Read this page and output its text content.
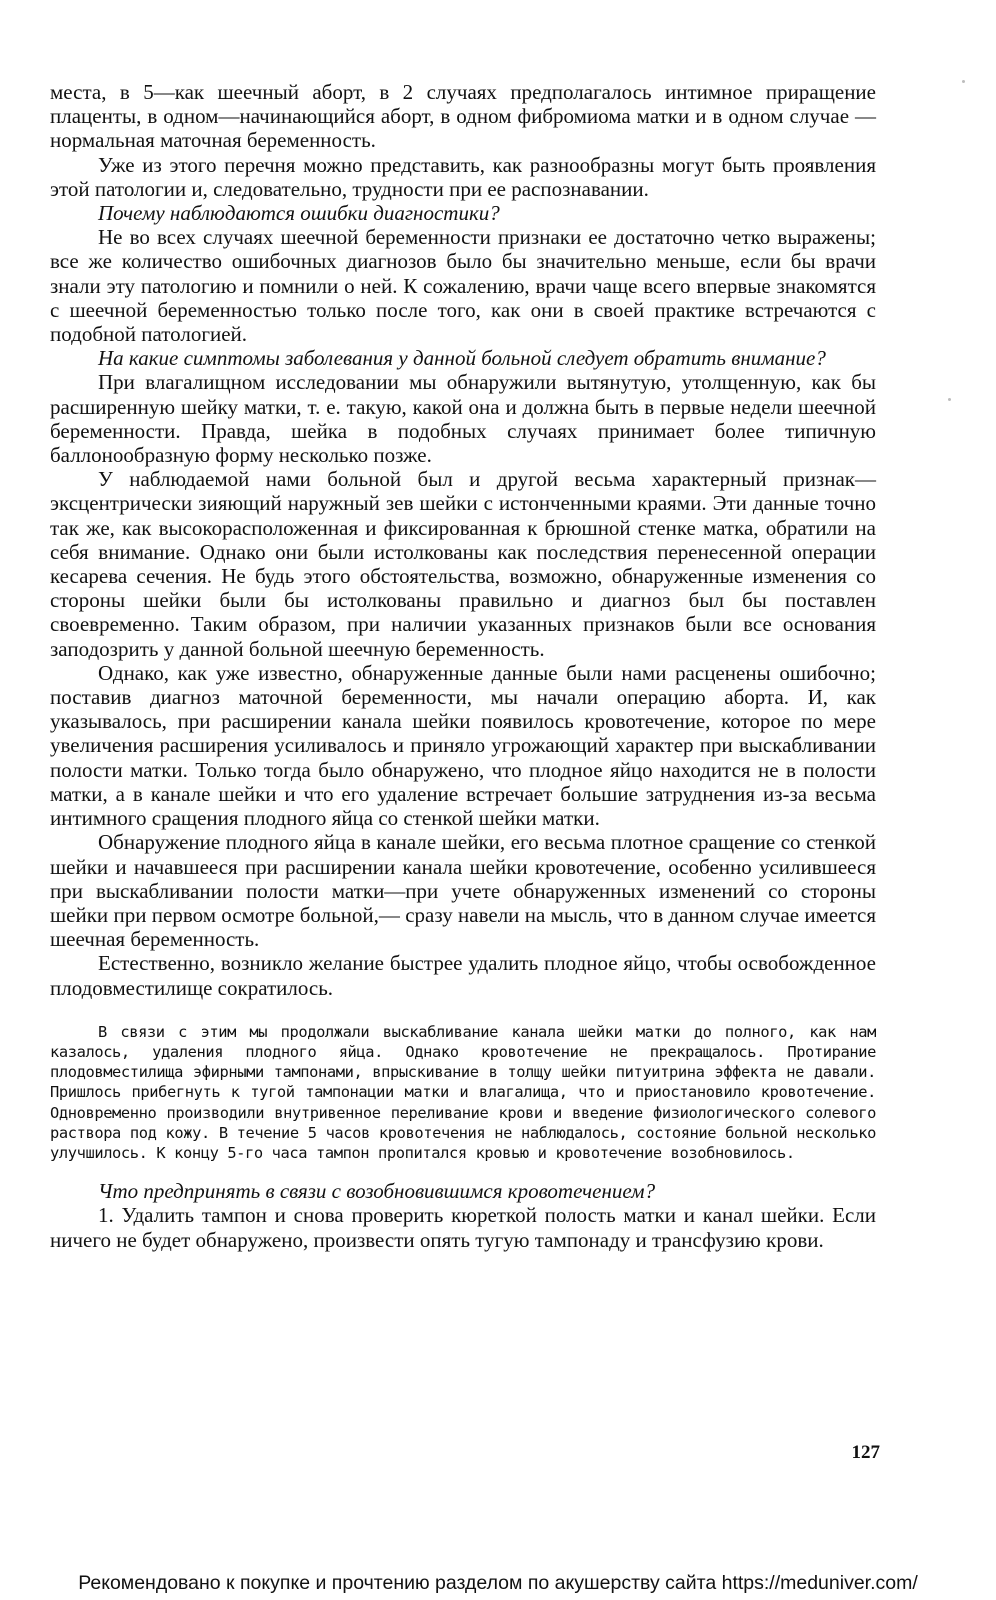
места, в 5—как шеечный аборт, в 2 случаях предполагалось интимное приращение плаценты, в одном—начинающийся аборт, в одном фибромиома матки и в одном случае — нормальная маточная беременность.

Уже из этого перечня можно представить, как разнообразны могут быть проявления этой патологии и, следовательно, трудности при ее распознавании.

Почему наблюдаются ошибки диагностики?

Не во всех случаях шеечной беременности признаки ее достаточно четко выражены; все же количество ошибочных диагнозов было бы значительно меньше, если бы врачи знали эту патологию и помнили о ней. К сожалению, врачи чаще всего впервые знакомятся с шеечной беременностью только после того, как они в своей практике встречаются с подобной патологией.

На какие симптомы заболевания у данной больной следует обратить внимание?

При влагалищном исследовании мы обнаружили вытянутую, утолщенную, как бы расширенную шейку матки, т. е. такую, какой она и должна быть в первые недели шеечной беременности. Правда, шейка в подобных случаях принимает более типичную баллонообразную форму несколько позже.

У наблюдаемой нами больной был и другой весьма характерный признак—эксцентрически зияющий наружный зев шейки с истонченными краями. Эти данные точно так же, как высокорасположенная и фиксированная к брюшной стенке матка, обратили на себя внимание. Однако они были истолкованы как последствия перенесенной операции кесарева сечения. Не будь этого обстоятельства, возможно, обнаруженные изменения со стороны шейки были бы истолкованы правильно и диагноз был бы поставлен своевременно. Таким образом, при наличии указанных признаков были все основания заподозрить у данной больной шеечную беременность.

Однако, как уже известно, обнаруженные данные были нами расценены ошибочно; поставив диагноз маточной беременности, мы начали операцию аборта. И, как указывалось, при расширении канала шейки появилось кровотечение, которое по мере увеличения расширения усиливалось и приняло угрожающий характер при выскабливании полости матки. Только тогда было обнаружено, что плодное яйцо находится не в полости матки, а в канале шейки и что его удаление встречает большие затруднения из-за весьма интимного сращения плодного яйца со стенкой шейки матки.

Обнаружение плодного яйца в канале шейки, его весьма плотное сращение со стенкой шейки и начавшееся при расширении канала шейки кровотечение, особенно усилившееся при выскабливании полости матки—при учете обнаруженных изменений со стороны шейки при первом осмотре больной,— сразу навели на мысль, что в данном случае имеется шеечная беременность.

Естественно, возникло желание быстрее удалить плодное яйцо, чтобы освобожденное плодовместилище сократилось.

В связи с этим мы продолжали выскабливание канала шейки матки до полного, как нам казалось, удаления плодного яйца. Однако кровотечение не прекращалось. Протирание плодовместилища эфирными тампонами, впрыскивание в толщу шейки питуитрина эффекта не давали. Пришлось прибегнуть к тугой тампонации матки и влагалища, что и приостановило кровотечение. Одновременно производили внутривенное переливание крови и введение физиологического солевого раствора под кожу. В течение 5 часов кровотечения не наблюдалось, состояние больной несколько улучшилось. К концу 5-го часа тампон пропитался кровью и кровотечение возобновилось.

Что предпринять в связи с возобновившимся кровотечением?

1. Удалить тампон и снова проверить кюреткой полость матки и канал шейки. Если ничего не будет обнаружено, произвести опять тугую тампонаду и трансфузию крови.

127
Рекомендовано к покупке и прочтению разделом по акушерству сайта https://meduniver.com/
